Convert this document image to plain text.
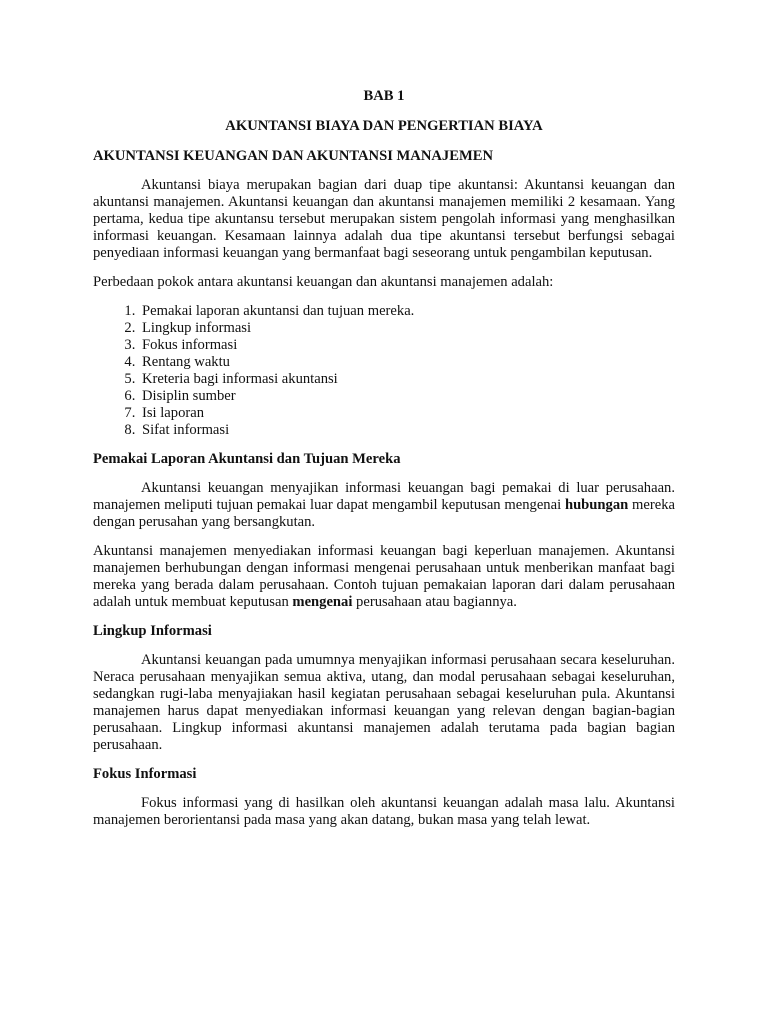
BAB 1

AKUNTANSI BIAYA DAN PENGERTIAN BIAYA

AKUNTANSI KEUANGAN DAN AKUNTANSI MANAJEMEN

Akuntansi biaya merupakan bagian dari duap tipe akuntansi: Akuntansi keuangan dan akuntansi manajemen. Akuntansi keuangan dan akuntansi manajemen memiliki 2 kesamaan. Yang pertama, kedua tipe akuntansu tersebut merupakan sistem pengolah informasi yang menghasilkan informasi keuangan. Kesamaan lainnya adalah dua tipe akuntansi tersebut berfungsi sebagai penyediaan informasi keuangan yang bermanfaat bagi seseorang untuk pengambilan keputusan.

Perbedaan pokok antara akuntansi keuangan dan akuntansi manajemen adalah:

1. Pemakai laporan akuntansi dan tujuan mereka.
2. Lingkup informasi
3. Fokus informasi
4. Rentang waktu
5. Kreteria bagi informasi akuntansi
6. Disiplin sumber
7. Isi laporan
8. Sifat informasi

Pemakai Laporan Akuntansi dan Tujuan Mereka

Akuntansi keuangan menyajikan informasi keuangan bagi pemakai di luar perusahaan. manajemen meliputi tujuan pemakai luar dapat mengambil keputusan mengenai hubungan mereka dengan perusahan yang bersangkutan.

Akuntansi manajemen menyediakan informasi keuangan bagi keperluan manajemen. Akuntansi manajemen berhubungan dengan informasi mengenai perusahaan untuk menberikan manfaat bagi mereka yang berada dalam perusahaan. Contoh tujuan pemakaian laporan dari dalam perusahaan adalah untuk membuat keputusan mengenai perusahaan atau bagiannya.

Lingkup Informasi

Akuntansi keuangan pada umumnya menyajikan informasi perusahaan secara keseluruhan. Neraca perusahaan menyajikan semua aktiva, utang, dan modal perusahaan sebagai keseluruhan, sedangkan rugi-laba menyajiakan hasil kegiatan perusahaan sebagai keseluruhan pula. Akuntansi manajemen harus dapat menyediakan informasi keuangan yang relevan dengan bagian-bagian perusahaan. Lingkup informasi akuntansi manajemen adalah terutama pada bagian bagian perusahaan.

Fokus Informasi

Fokus informasi yang di hasilkan oleh akuntansi keuangan adalah masa lalu. Akuntansi manajemen berorientansi pada masa yang akan datang, bukan masa yang telah lewat.
